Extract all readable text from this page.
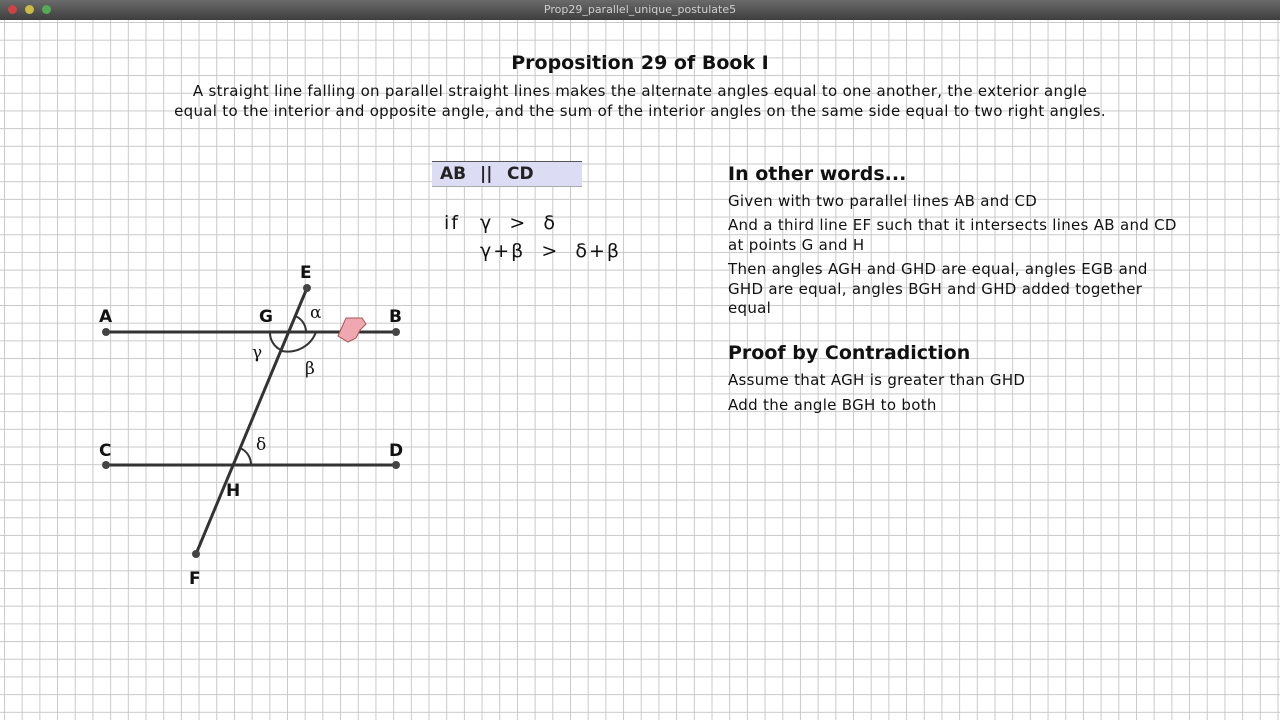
Prop29_parallel_unique_postulate5
Proposition 29 of Book I
A straight line falling on parallel straight lines makes the alternate angles equal to one another, the exterior angle equal to the interior and opposite angle, and the sum of the interior angles on the same side equal to two right angles.
AB || CD
if γ  >  δ
γ+β  >  δ+β
A	B
C	D
E
F
G
H
α
β
γ
δ
In other words...
Given with two parallel lines AB and CD
And a third line EF such that it intersects lines AB and CD at points G and H
Then angles AGH and GHD are equal, angles EGB and GHD are equal, angles BGH and GHD added together equal
Proof by Contradiction
Assume that AGH is greater than GHD
Add the angle BGH to both
